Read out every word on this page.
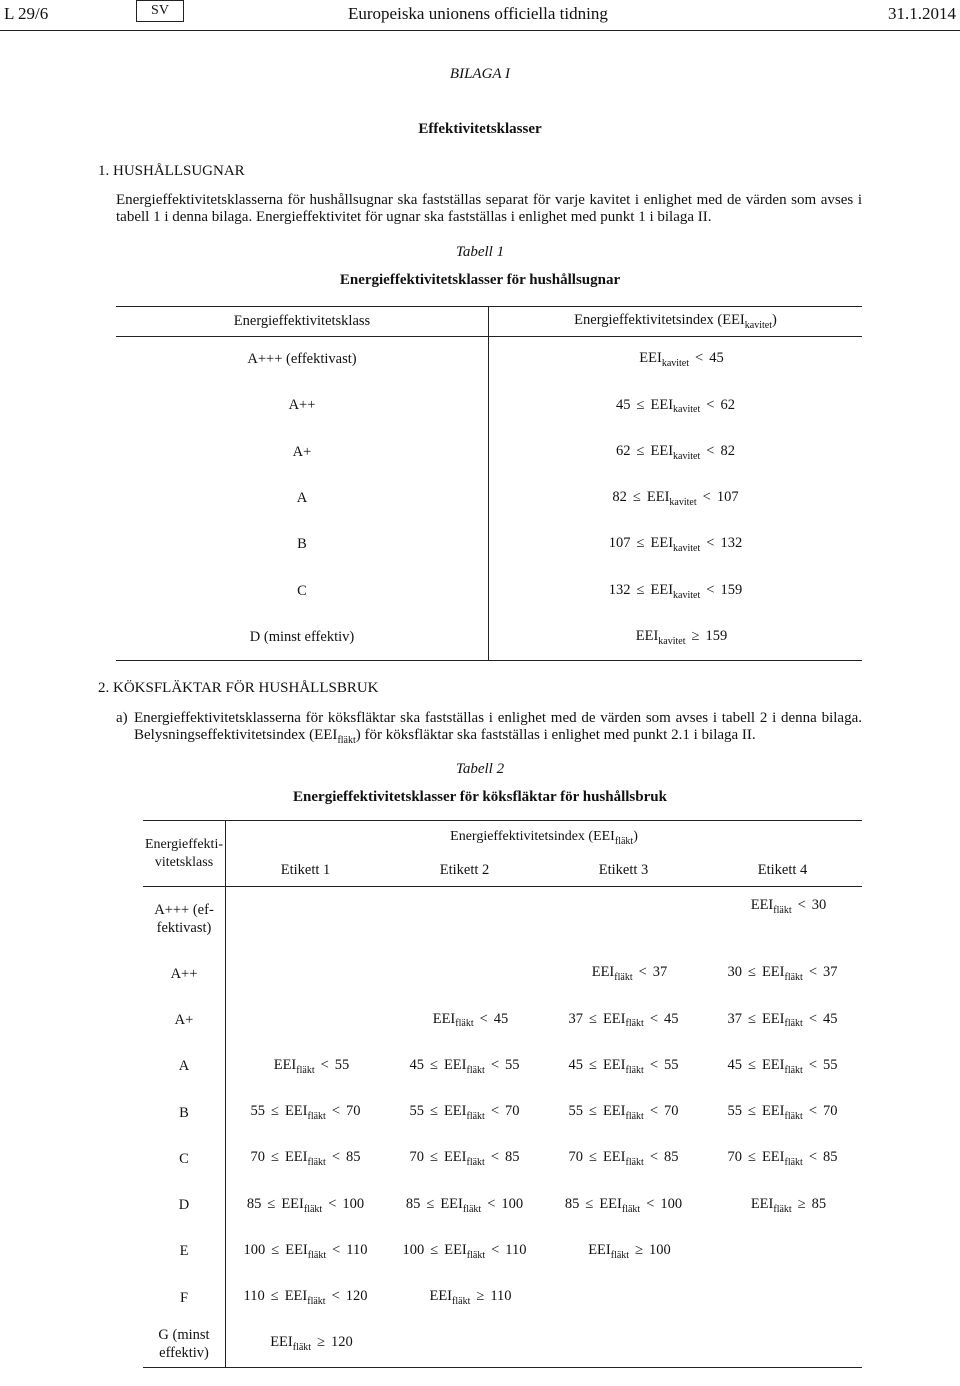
L 29/6	SV	Europeiska unionens officiella tidning	31.1.2014
BILAGA I
Effektivitetsklasser
1. HUSHÅLLSUGNAR
Energieffektivitetsklasserna för hushållsugnar ska fastställas separat för varje kavitet i enlighet med de värden som avses i tabell 1 i denna bilaga. Energieffektivitet för ugnar ska fastställas i enlighet med punkt 1 i bilaga II.
Tabell 1
Energieffektivitetsklasser för hushållsugnar
Energieffektivitetsklass	Energieffektivitetsindex $(EEI_{kavitet})$
A+++ (effektivast)	$EEI_{kavitet} < 45$
A++	$45 \le EEI_{kavitet} < 62$
A+	$62 \le EEI_{kavitet} < 82$
A	$82 \le EEI_{kavitet} < 107$
B	$107 \le EEI_{kavitet} < 132$
C	$132 \le EEI_{kavitet} < 159$
D (minst effektiv)	$EEI_{kavitet} \ge 159$
2. KÖKSFLÄKTAR FÖR HUSHÅLLSBRUK
a) Energieffektivitetsklasserna för köksfläktar ska fastställas i enlighet med de värden som avses i tabell 2 i denna bilaga. Belysningseffektivitetsindex $(EEI_{fläkt})$ för köksfläktar ska fastställas i enlighet med punkt 2.1 i bilaga II.
Tabell 2
Energieffektivitetsklasser för köksfläktar för hushållsbruk
Energieffekti-
vitetsklass	Energieffektivitetsindex $(EEI_{fläkt})$			
	Etikett 1	Etikett 2	Etikett 3	Etikett 4
A+++ (ef-
fektivast)				$EEI_{fläkt} < 30$
A++			$EEI_{fläkt} < 37$	$30 \le EEI_{fläkt} < 37$
A+		$EEI_{fläkt} < 45$	$37 \le EEI_{fläkt} < 45$	$37 \le EEI_{fläkt} < 45$
A	$EEI_{fläkt} < 55$	$45 \le EEI_{fläkt} < 55$	$45 \le EEI_{fläkt} < 55$	$45 \le EEI_{fläkt} < 55$
B	$55 \le EEI_{fläkt} < 70$	$55 \le EEI_{fläkt} < 70$	$55 \le EEI_{fläkt} < 70$	$55 \le EEI_{fläkt} < 70$
C	$70 \le EEI_{fläkt} < 85$	$70 \le EEI_{fläkt} < 85$	$70 \le EEI_{fläkt} < 85$	$70 \le EEI_{fläkt} < 85$
D	$85 \le EEI_{fläkt} < 100$	$85 \le EEI_{fläkt} < 100$	$85 \le EEI_{fläkt} < 100$	$EEI_{fläkt} \ge 85$
E	$100 \le EEI_{fläkt} < 110$	$100 \le EEI_{fläkt} < 110$	$EEI_{fläkt} \ge 100$	
F	$110 \le EEI_{fläkt} < 120$	$EEI_{fläkt} \ge 110$		
G (minst
effektiv)	$EEI_{fläkt} \ge 120$			
